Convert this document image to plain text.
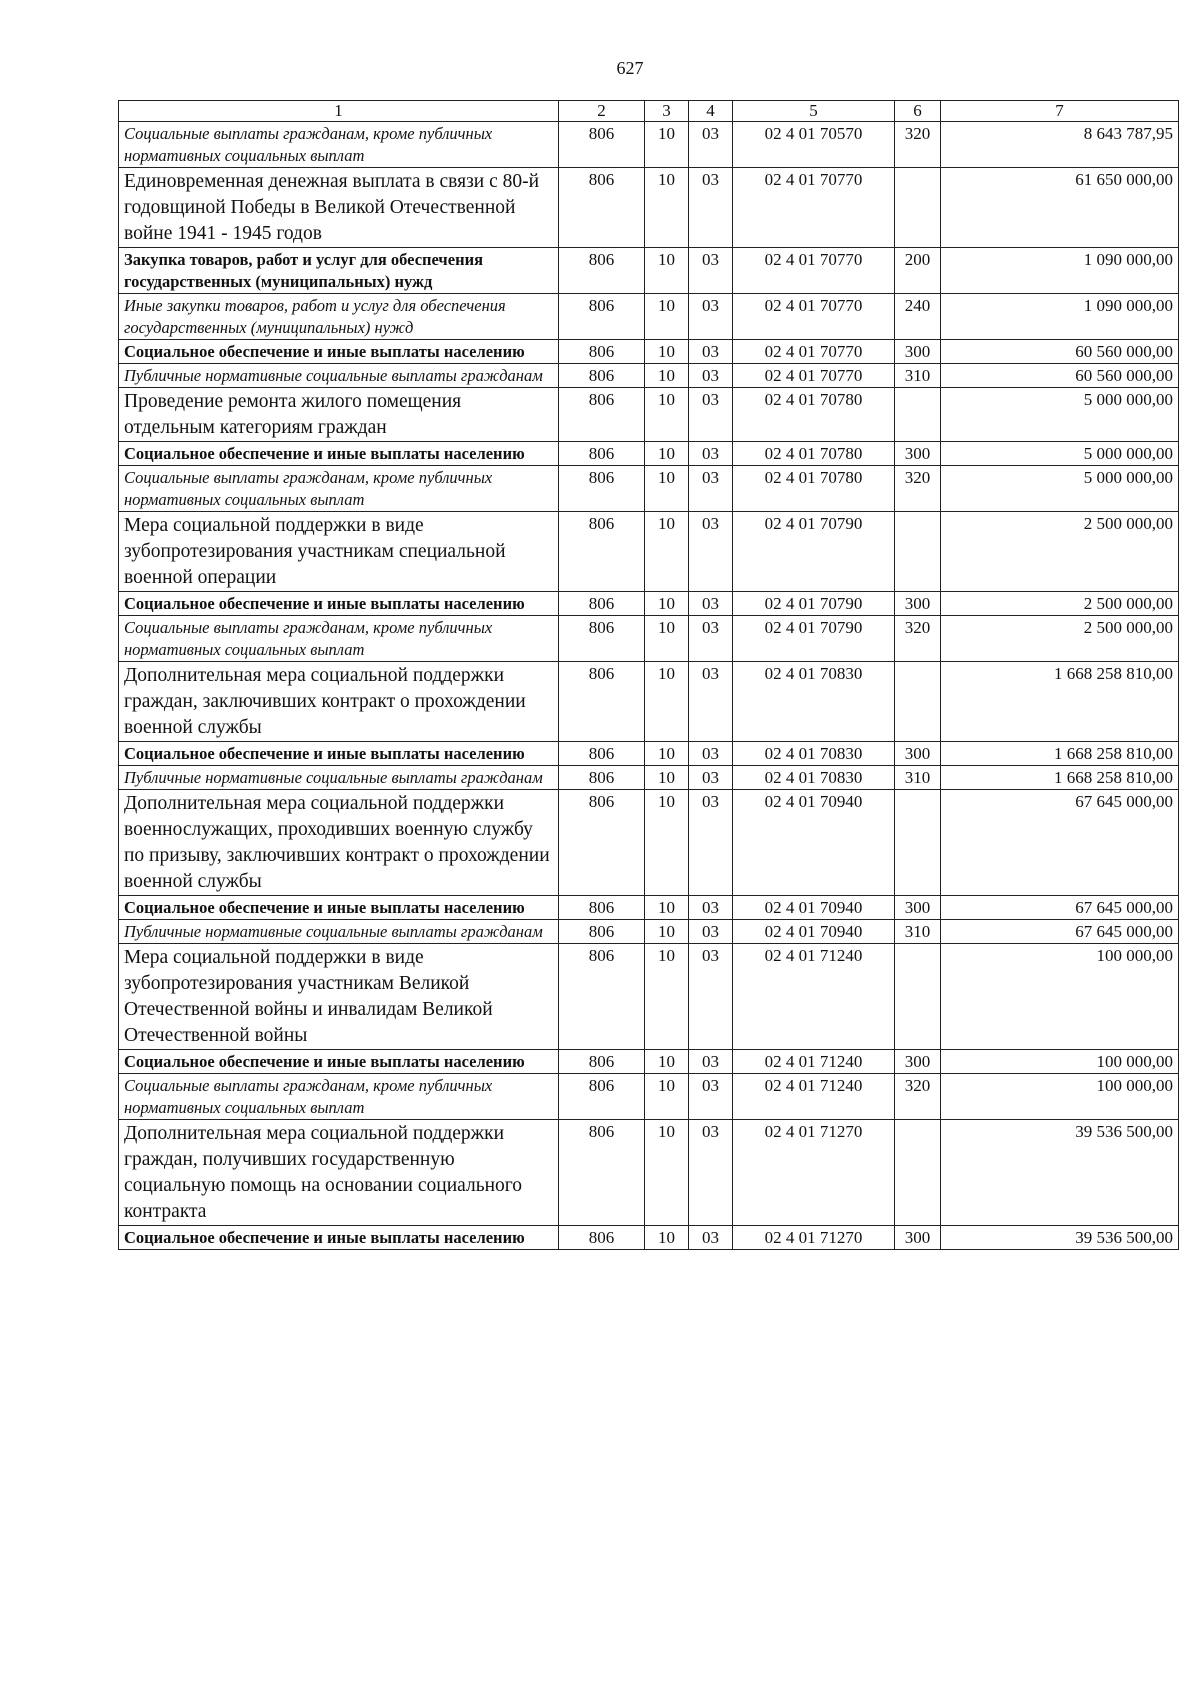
627
1	2	3	4	5	6	7
Социальные выплаты гражданам, кроме публичных нормативных социальных выплат	806	10	03	02 4 01 70570	320	8 643 787,95
Единовременная денежная выплата в связи с 80-й годовщиной Победы в Великой Отечественной войне 1941 - 1945 годов	806	10	03	02 4 01 70770		61 650 000,00
Закупка товаров, работ и услуг для обеспечения государственных (муниципальных) нужд	806	10	03	02 4 01 70770	200	1 090 000,00
Иные закупки товаров, работ и услуг для обеспечения государственных (муниципальных) нужд	806	10	03	02 4 01 70770	240	1 090 000,00
Социальное обеспечение и иные выплаты населению	806	10	03	02 4 01 70770	300	60 560 000,00
Публичные нормативные социальные выплаты гражданам	806	10	03	02 4 01 70770	310	60 560 000,00
Проведение ремонта жилого помещения отдельным категориям граждан	806	10	03	02 4 01 70780		5 000 000,00
Социальное обеспечение и иные выплаты населению	806	10	03	02 4 01 70780	300	5 000 000,00
Социальные выплаты гражданам, кроме публичных нормативных социальных выплат	806	10	03	02 4 01 70780	320	5 000 000,00
Мера социальной поддержки в виде зубопротезирования участникам специальной военной операции	806	10	03	02 4 01 70790		2 500 000,00
Социальное обеспечение и иные выплаты населению	806	10	03	02 4 01 70790	300	2 500 000,00
Социальные выплаты гражданам, кроме публичных нормативных социальных выплат	806	10	03	02 4 01 70790	320	2 500 000,00
Дополнительная мера социальной поддержки граждан, заключивших контракт о прохождении военной службы	806	10	03	02 4 01 70830		1 668 258 810,00
Социальное обеспечение и иные выплаты населению	806	10	03	02 4 01 70830	300	1 668 258 810,00
Публичные нормативные социальные выплаты гражданам	806	10	03	02 4 01 70830	310	1 668 258 810,00
Дополнительная мера социальной поддержки военнослужащих, проходивших военную службу по призыву, заключивших контракт о прохождении военной службы	806	10	03	02 4 01 70940		67 645 000,00
Социальное обеспечение и иные выплаты населению	806	10	03	02 4 01 70940	300	67 645 000,00
Публичные нормативные социальные выплаты гражданам	806	10	03	02 4 01 70940	310	67 645 000,00
Мера социальной поддержки в виде зубопротезирования участникам Великой Отечественной войны и инвалидам Великой Отечественной войны	806	10	03	02 4 01 71240		100 000,00
Социальное обеспечение и иные выплаты населению	806	10	03	02 4 01 71240	300	100 000,00
Социальные выплаты гражданам, кроме публичных нормативных социальных выплат	806	10	03	02 4 01 71240	320	100 000,00
Дополнительная мера социальной поддержки граждан, получивших государственную социальную помощь на основании социального контракта	806	10	03	02 4 01 71270		39 536 500,00
Социальное обеспечение и иные выплаты населению	806	10	03	02 4 01 71270	300	39 536 500,00
